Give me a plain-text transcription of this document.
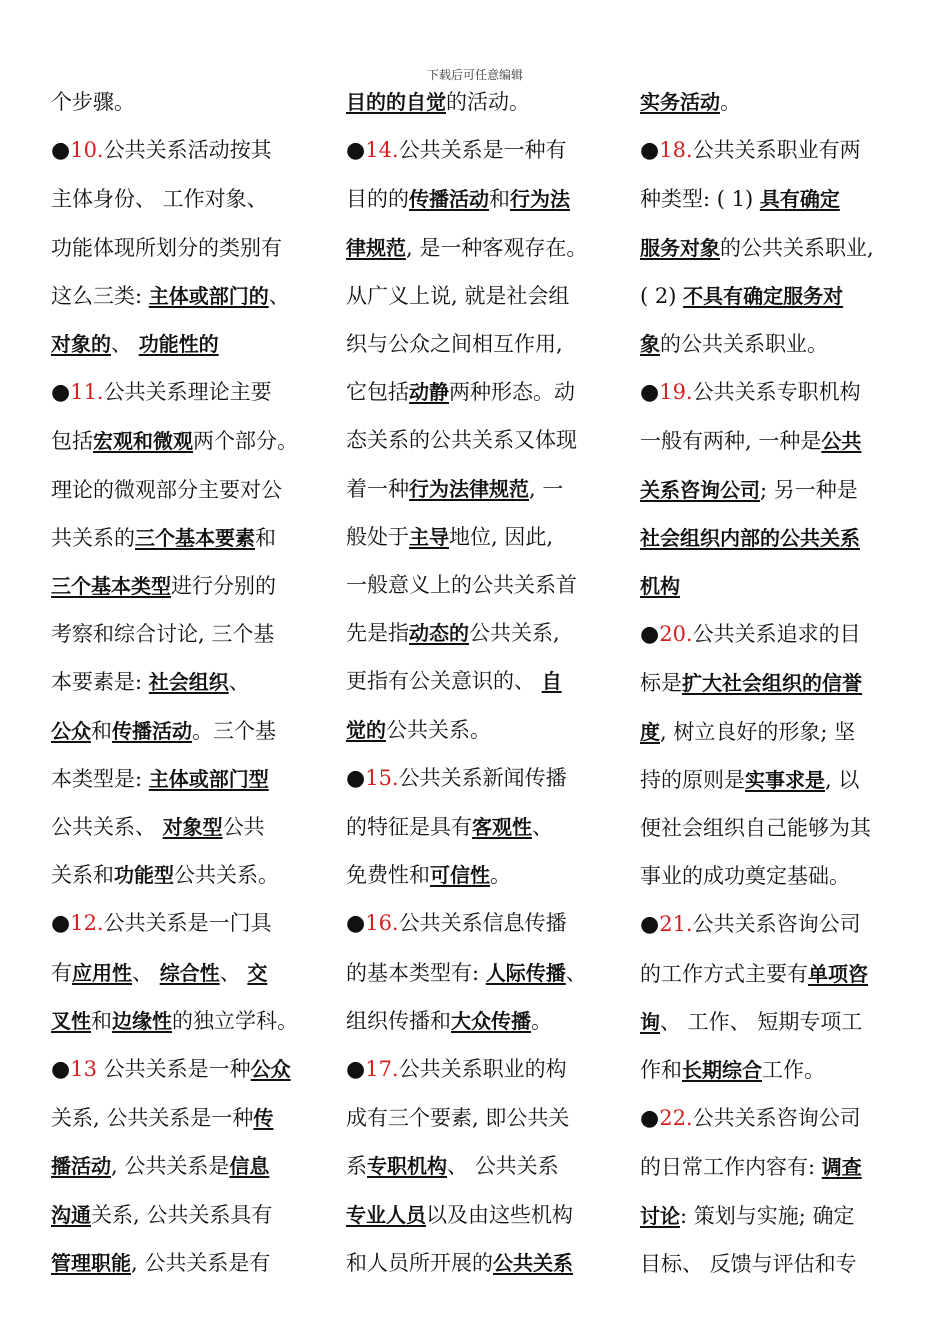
下载后可任意编辑

个步骤。

●10.公共关系活动按其

主体身份、 工作对象、

功能体现所划分的类别有

这么三类: 主体或部门的、

对象的、 功能性的

●11.公共关系理论主要

包括宏观和微观两个部分。

理论的微观部分主要对公

共关系的三个基本要素和

三个基本类型进行分别的

考察和综合讨论, 三个基

本要素是: 社会组织、

公众和传播活动。三个基

本类型是: 主体或部门型

公共关系、 对象型公共

关系和功能型公共关系。

●12.公共关系是一门具

有应用性、 综合性、 交

叉性和边缘性的独立学科。

●13 公共关系是一种公众

关系, 公共关系是一种传

播活动, 公共关系是信息

沟通关系, 公共关系具有

管理职能, 公共关系是有

目的的自觉的活动。

●14.公共关系是一种有

目的的传播活动和行为法

律规范, 是一种客观存在。

从广义上说, 就是社会组

织与公众之间相互作用,

它包括动静两种形态。动

态关系的公共关系又体现

着一种行为法律规范, 一

般处于主导地位, 因此,

一般意义上的公共关系首

先是指动态的公共关系,

更指有公关意识的、 自

觉的公共关系。

●15.公共关系新闻传播

的特征是具有客观性、

免费性和可信性。

●16.公共关系信息传播

的基本类型有: 人际传播、

组织传播和大众传播。

●17.公共关系职业的构

成有三个要素, 即公共关

系专职机构、 公共关系

专业人员以及由这些机构

和人员所开展的公共关系

实务活动。

●18.公共关系职业有两

种类型: ( 1) 具有确定

服务对象的公共关系职业,

( 2) 不具有确定服务对

象的公共关系职业。

●19.公共关系专职机构

一般有两种, 一种是公共

关系咨询公司; 另一种是

社会组织内部的公共关系

机构

●20.公共关系追求的目

标是扩大社会组织的信誉

度, 树立良好的形象; 坚

持的原则是实事求是, 以

便社会组织自己能够为其

事业的成功奠定基础。

●21.公共关系咨询公司

的工作方式主要有单项咨

询、 工作、 短期专项工

作和长期综合工作。

●22.公共关系咨询公司

的日常工作内容有: 调查

讨论: 策划与实施; 确定

目标、 反馈与评估和专
